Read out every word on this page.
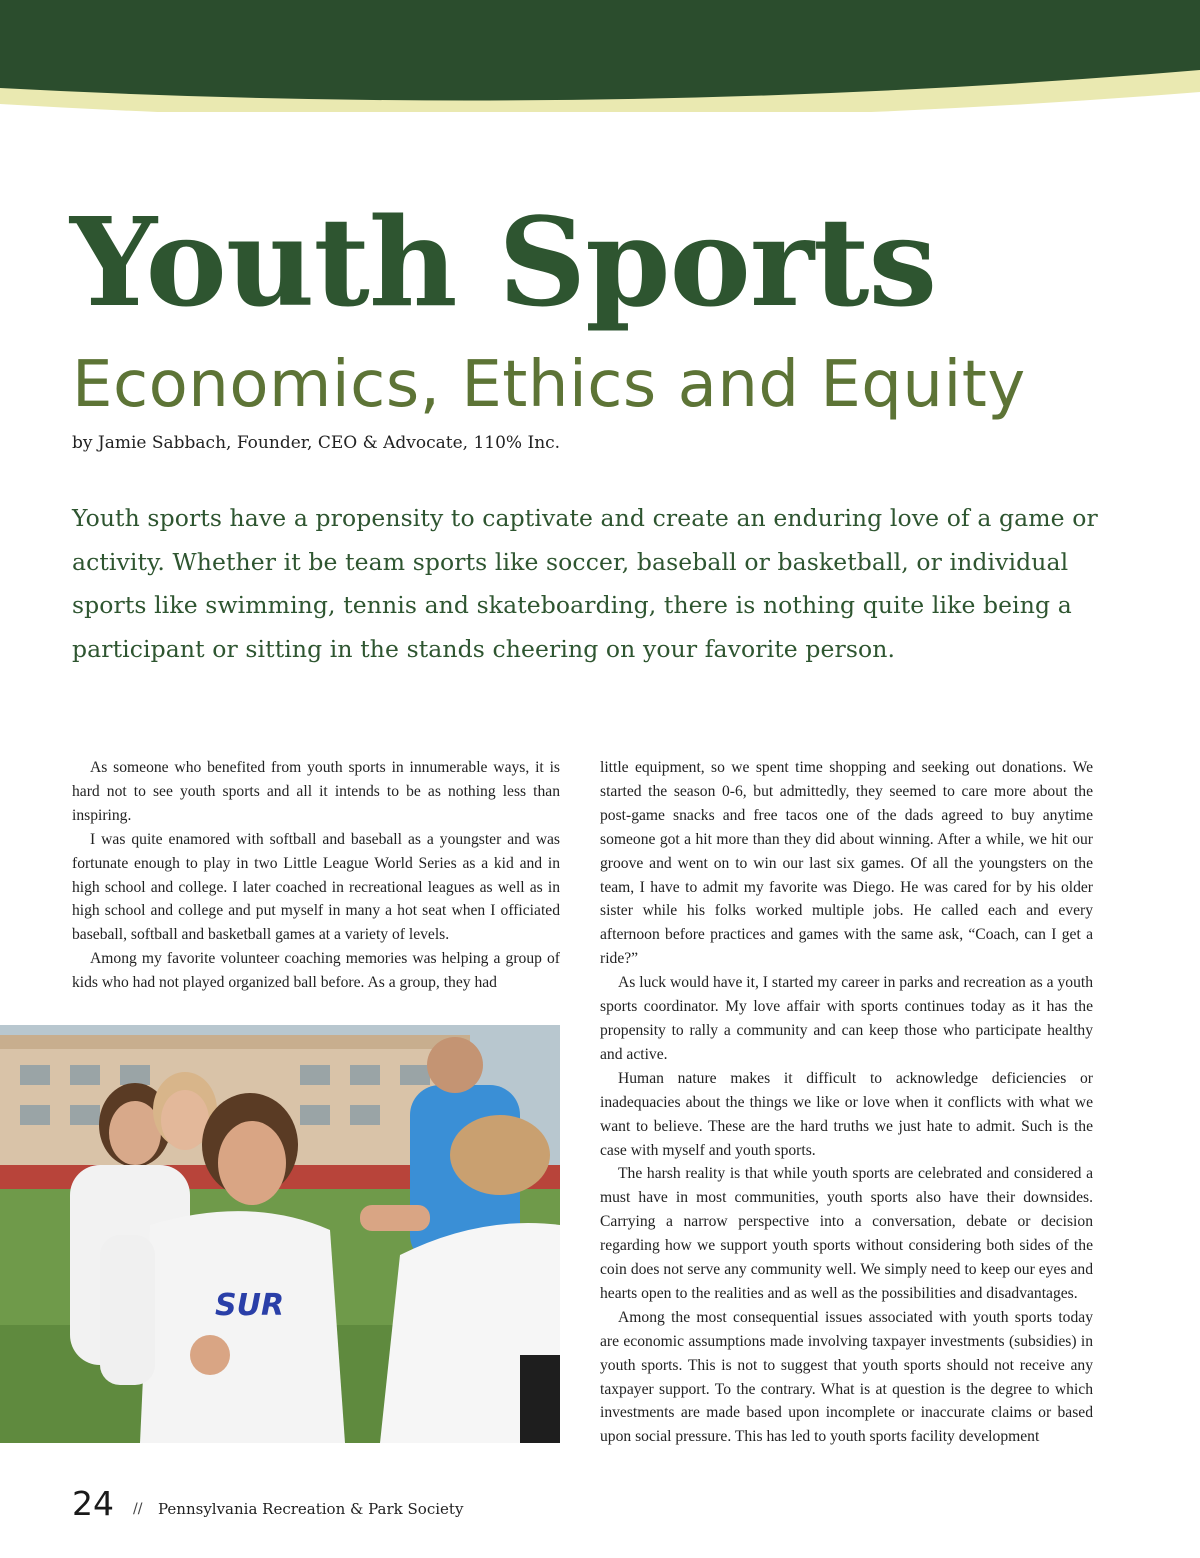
Youth Sports
Economics, Ethics and Equity
by Jamie Sabbach, Founder, CEO & Advocate, 110% Inc.

Youth sports have a propensity to captivate and create an enduring love of a game or activity. Whether it be team sports like soccer, baseball or basketball, or individual sports like swimming, tennis and skateboarding, there is nothing quite like being a participant or sitting in the stands cheering on your favorite person.

As someone who benefited from youth sports in innumerable ways, it is hard not to see youth sports and all it intends to be as nothing less than inspiring.

I was quite enamored with softball and baseball as a youngster and was fortunate enough to play in two Little League World Series as a kid and in high school and college. I later coached in recreational leagues as well as in high school and college and put myself in many a hot seat when I officiated baseball, softball and basketball games at a variety of levels.

Among my favorite volunteer coaching memories was helping a group of kids who had not played organized ball before. As a group, they had

SUR

little equipment, so we spent time shopping and seeking out donations. We started the season 0-6, but admittedly, they seemed to care more about the post-game snacks and free tacos one of the dads agreed to buy anytime someone got a hit more than they did about winning. After a while, we hit our groove and went on to win our last six games. Of all the youngsters on the team, I have to admit my favorite was Diego. He was cared for by his older sister while his folks worked multiple jobs. He called each and every afternoon before practices and games with the same ask, “Coach, can I get a ride?”

As luck would have it, I started my career in parks and recreation as a youth sports coordinator. My love affair with sports continues today as it has the propensity to rally a community and can keep those who participate healthy and active.

Human nature makes it difficult to acknowledge deficiencies or inadequacies about the things we like or love when it conflicts with what we want to believe. These are the hard truths we just hate to admit. Such is the case with myself and youth sports.

The harsh reality is that while youth sports are celebrated and considered a must have in most communities, youth sports also have their downsides. Carrying a narrow perspective into a conversation, debate or decision regarding how we support youth sports without considering both sides of the coin does not serve any community well. We simply need to keep our eyes and hearts open to the realities and as well as the possibilities and disadvantages.

Among the most consequential issues associated with youth sports today are economic assumptions made involving taxpayer investments (subsidies) in youth sports. This is not to suggest that youth sports should not receive any taxpayer support. To the contrary. What is at question is the degree to which investments are made based upon incomplete or inaccurate claims or based upon social pressure. This has led to youth sports facility development

24 // Pennsylvania Recreation & Park Society
